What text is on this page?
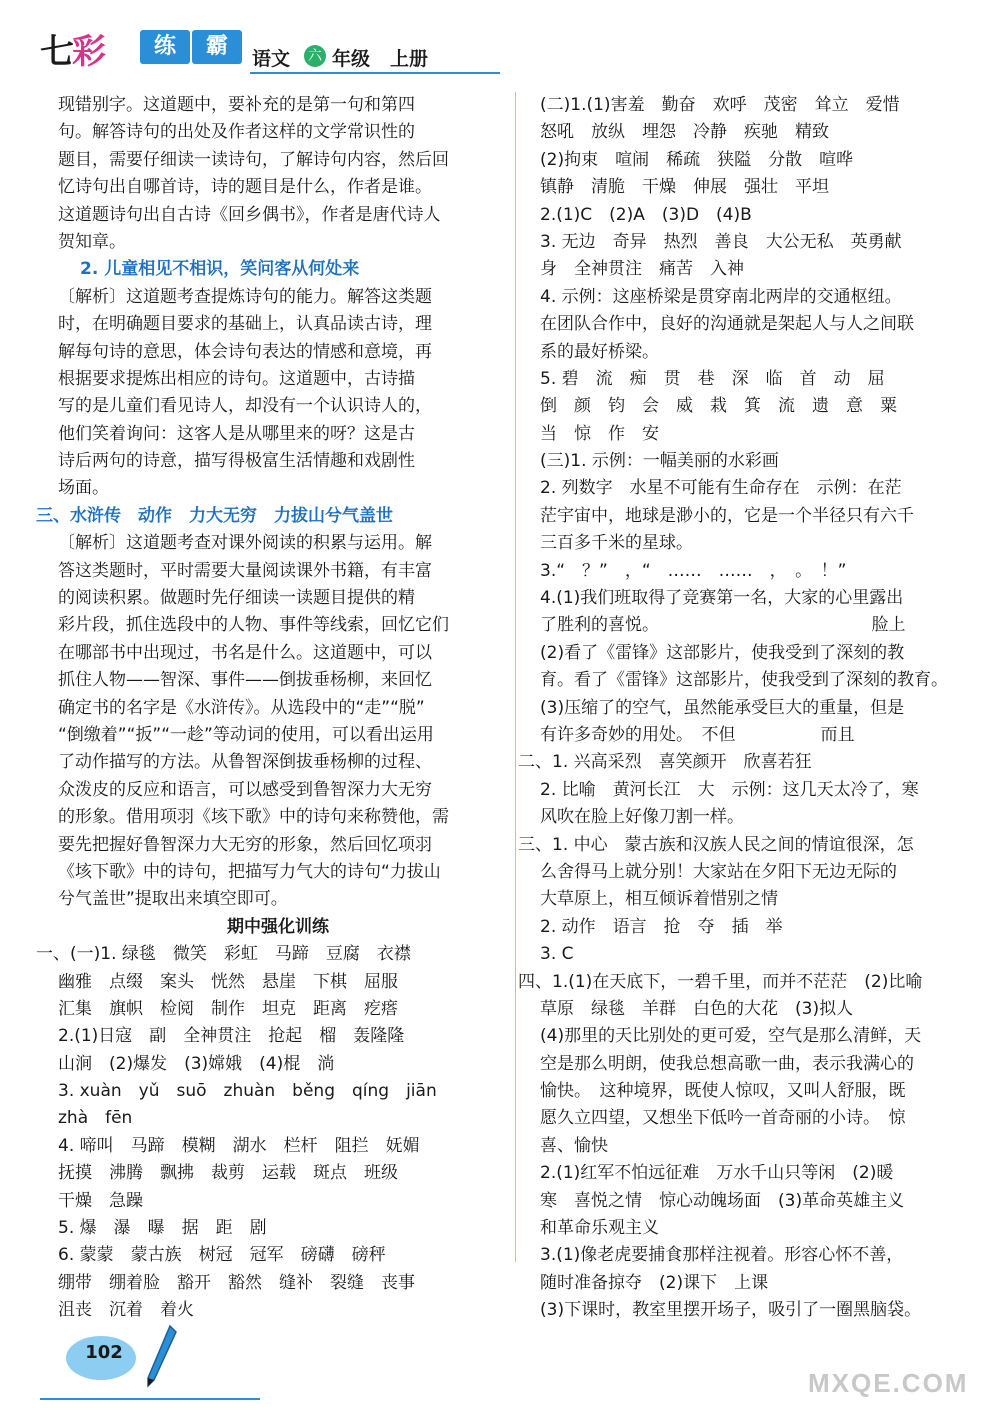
七彩	练	霸	语文 六 年级 上册
现错别字。这道题中，要补充的是第一句和第四
句。解答诗句的出处及作者这样的文学常识性的
题目，需要仔细读一读诗句，了解诗句内容，然后回
忆诗句出自哪首诗，诗的题目是什么，作者是谁。
这道题诗句出自古诗《回乡偶书》，作者是唐代诗人
贺知章。
2. 儿童相见不相识，笑问客从何处来
〔解析〕这道题考查提炼诗句的能力。解答这类题
时，在明确题目要求的基础上，认真品读古诗，理
解每句诗的意思，体会诗句表达的情感和意境，再
根据要求提炼出相应的诗句。这道题中，古诗描
写的是儿童们看见诗人，却没有一个认识诗人的，
他们笑着询问：这客人是从哪里来的呀？这是古
诗后两句的诗意，描写得极富生活情趣和戏剧性
场面。
三、水浒传　动作　力大无穷　力拔山兮气盖世
〔解析〕这道题考查对课外阅读的积累与运用。解
答这类题时，平时需要大量阅读课外书籍，有丰富
的阅读积累。做题时先仔细读一读题目提供的精
彩片段，抓住选段中的人物、事件等线索，回忆它们
在哪部书中出现过，书名是什么。这道题中，可以
抓住人物——智深、事件——倒拔垂杨柳，来回忆
确定书的名字是《水浒传》。从选段中的“走”“脱”
“倒缴着”“扳”“一趁”等动词的使用，可以看出运用
了动作描写的方法。从鲁智深倒拔垂杨柳的过程、
众泼皮的反应和语言，可以感受到鲁智深力大无穷
的形象。借用项羽《垓下歌》中的诗句来称赞他，需
要先把握好鲁智深力大无穷的形象，然后回忆项羽
《垓下歌》中的诗句，把描写力气大的诗句“力拔山
兮气盖世”提取出来填空即可。
期中强化训练
一、(一)1. 绿毯　微笑　彩虹　马蹄　豆腐　衣襟
幽雅　点缀　案头　恍然　悬崖　下棋　屈服
汇集　旗帜　检阅　制作　坦克　距离　疙瘩
2.(1)日寇　副　全神贯注　抢起　榴　轰隆隆
山涧　(2)爆发　(3)嫦娥　(4)棍　淌
3. xuàn　yǔ　suō　zhuàn　běng　qíng　jiān
zhà　fēn
4. 啼叫　马蹄　模糊　湖水　栏杆　阻拦　妩媚
抚摸　沸腾　飘拂　裁剪　运载　斑点　班级
干燥　急躁
5. 爆　瀑　曝　据　距　剧
6. 蒙蒙　蒙古族　树冠　冠军　磅礴　磅秤
绷带　绷着脸　豁开　豁然　缝补　裂缝　丧事
沮丧　沉着　着火
(二)1.(1)害羞　勤奋　欢呼　茂密　耸立　爱惜
怒吼　放纵　埋怨　冷静　疾驰　精致
(2)拘束　喧闹　稀疏　狭隘　分散　喧哗
镇静　清脆　干燥　伸展　强壮　平坦
2.(1)C　(2)A　(3)D　(4)B
3. 无边　奇异　热烈　善良　大公无私　英勇献
身　全神贯注　痛苦　入神
4. 示例：这座桥梁是贯穿南北两岸的交通枢纽。
在团队合作中，良好的沟通就是架起人与人之间联
系的最好桥梁。
5. 碧　流　痴　贯　巷　深　临　首　动　屈
倒　颜　钧　会　威　栽　箕　流　遗　意　粟
当　惊　作　安
(三)1. 示例：一幅美丽的水彩画
2. 列数字　水星不可能有生命存在　示例：在茫
茫宇宙中，地球是渺小的，它是一个半径只有六千
三百多千米的星球。
3.“　？”　，“　……　……　，　。　！”
4.(1)我们班取得了竞赛第一名，大家的心里露出
了胜利的喜悦。　　　　　　　　　　　　　脸上
(2)看了《雷锋》这部影片，使我受到了深刻的教
育。看了《雷锋》这部影片，使我受到了深刻的教育。
(3)压缩了的空气，虽然能承受巨大的重量，但是
有许多奇妙的用处。　不但　　　　　而且
二、1. 兴高采烈　喜笑颜开　欣喜若狂
2. 比喻　黄河长江　大　示例：这几天太冷了，寒
风吹在脸上好像刀割一样。
三、1. 中心　蒙古族和汉族人民之间的情谊很深，怎
么舍得马上就分别！大家站在夕阳下无边无际的
大草原上，相互倾诉着惜别之情
2. 动作　语言　抢　夺　插　举
3. C
四、1.(1)在天底下，一碧千里，而并不茫茫　(2)比喻
草原　绿毯　羊群　白色的大花　(3)拟人
(4)那里的天比别处的更可爱，空气是那么清鲜，天
空是那么明朗，使我总想高歌一曲，表示我满心的
愉快。　这种境界，既使人惊叹，又叫人舒服，既
愿久立四望，又想坐下低吟一首奇丽的小诗。　惊
喜、愉快
2.(1)红军不怕远征难　万水千山只等闲　(2)暖
寒　喜悦之情　惊心动魄场面　(3)革命英雄主义
和革命乐观主义
3.(1)像老虎要捕食那样注视着。形容心怀不善，
随时准备掠夺　(2)课下　上课
(3)下课时，教室里摆开场子，吸引了一圈黑脑袋。
102
MXQE.COM
